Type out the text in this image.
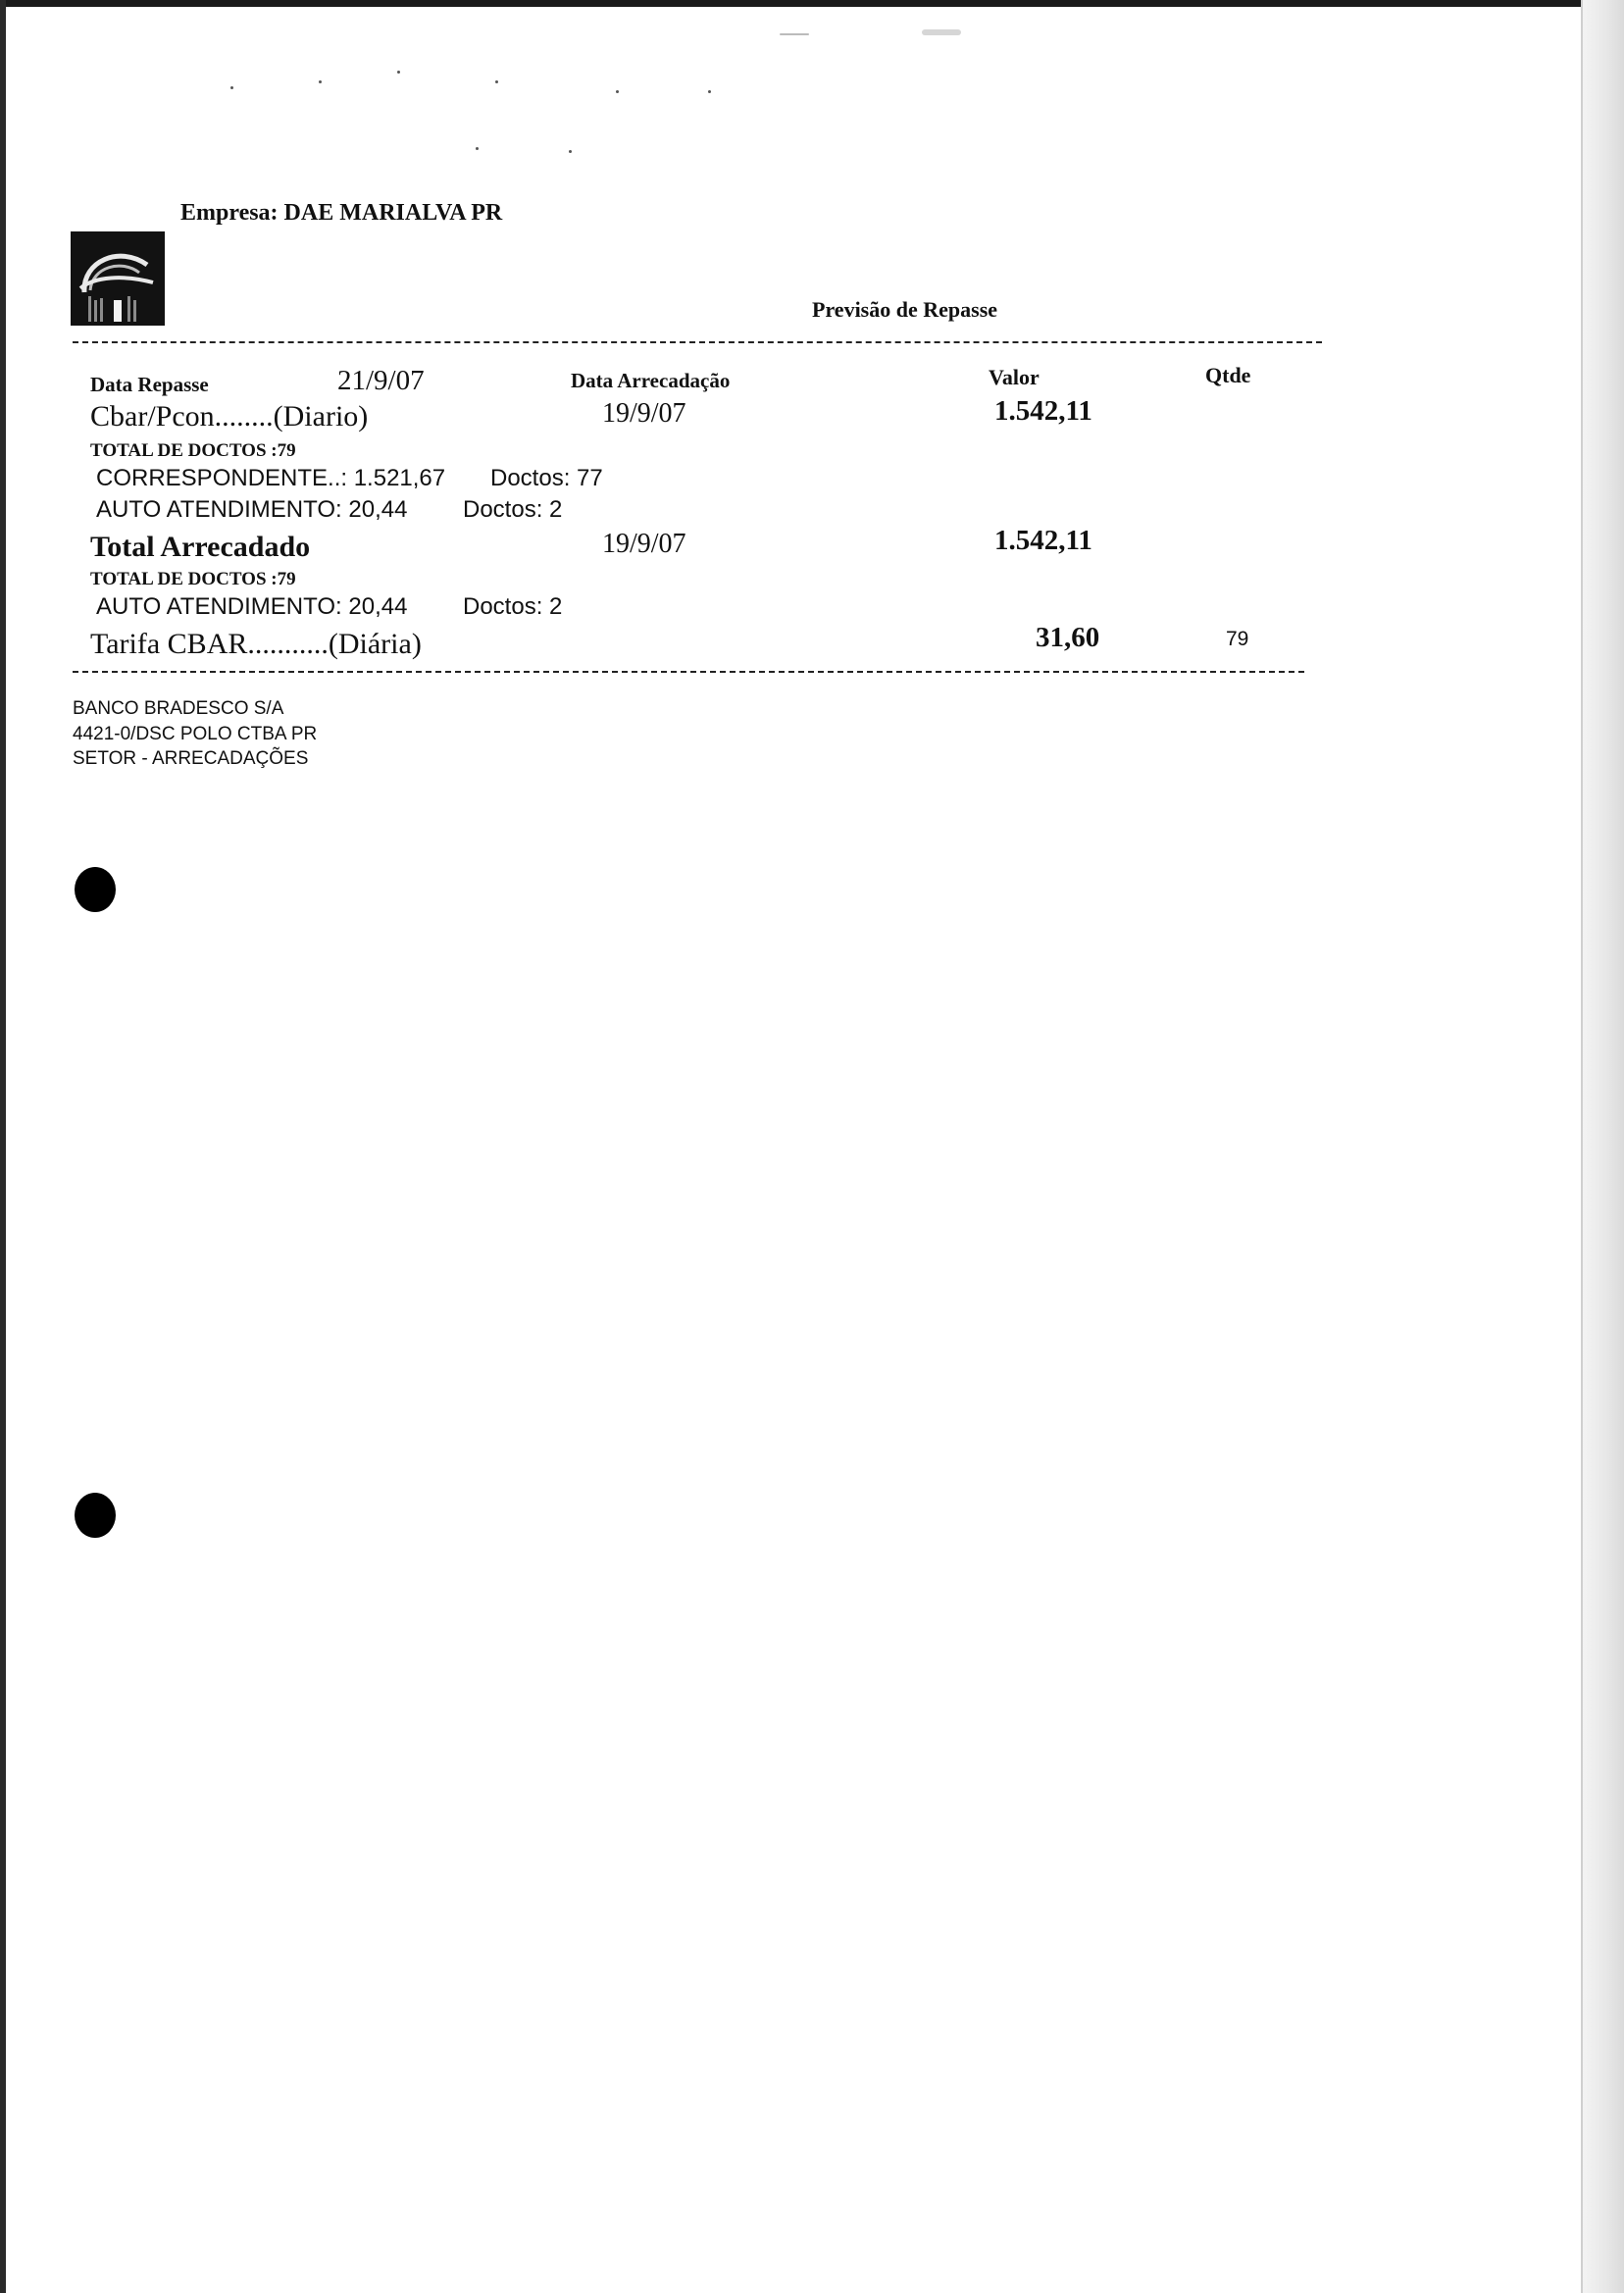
Empresa: DAE MARIALVA PR
Previsão de Repasse
Data Repasse	21/9/07	Data Arrecadação	Valor	Qtde
Cbar/Pcon........(Diario)	19/9/07	1.542,11
TOTAL DE DOCTOS :79
CORRESPONDENTE..: 1.521,67 Doctos: 77
AUTO ATENDIMENTO: 20,44 Doctos: 2
Total Arrecadado	19/9/07	1.542,11
TOTAL DE DOCTOS :79
AUTO ATENDIMENTO: 20,44 Doctos: 2
Tarifa CBAR...........(Diária)	31,60	79
BANCO BRADESCO S/A
4421-0/DSC POLO CTBA PR
SETOR - ARRECADAÇÕES
